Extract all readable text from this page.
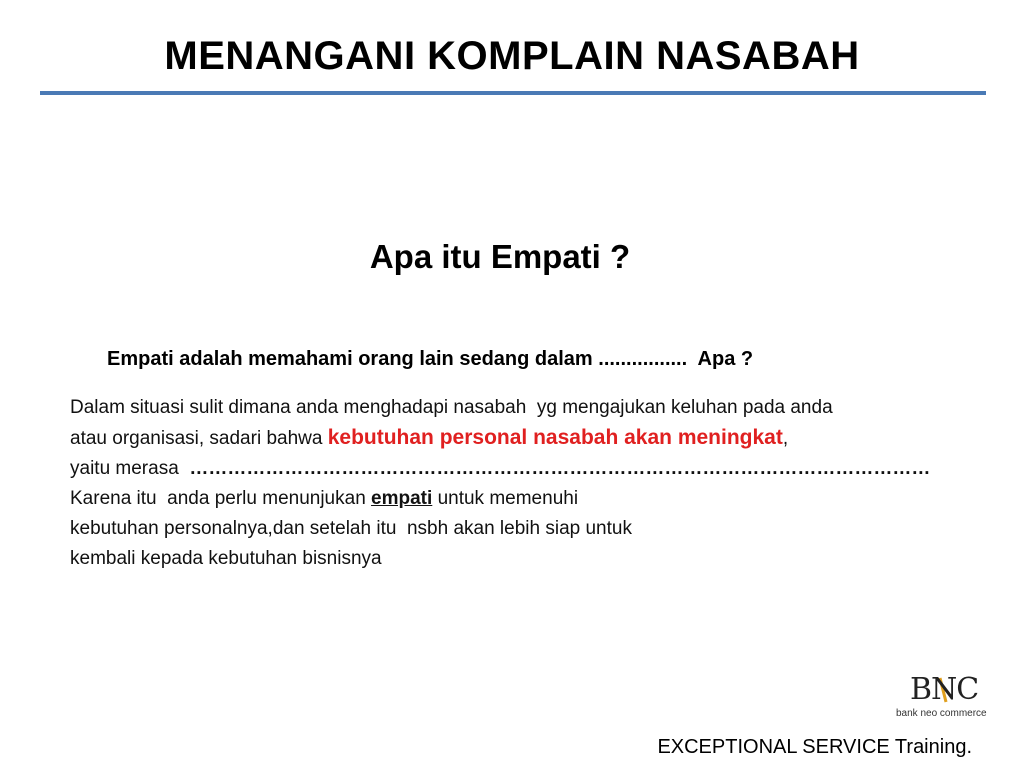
MENANGANI KOMPLAIN NASABAH
Apa itu Empati ?
Empati adalah memahami orang lain sedang dalam ................  Apa ?
Dalam situasi sulit dimana anda menghadapi nasabah  yg mengajukan keluhan pada anda
atau organisasi, sadari bahwa kebutuhan personal nasabah akan meningkat,
yaitu merasa  ………………………………………………………………………………………………………
Karena itu  anda perlu menunjukan empati untuk memenuhi
kebutuhan personalnya,dan setelah itu  nsbh akan lebih siap untuk
kembali kepada kebutuhan bisnisnya
BNC
bank neo commerce
EXCEPTIONAL SERVICE Training.
